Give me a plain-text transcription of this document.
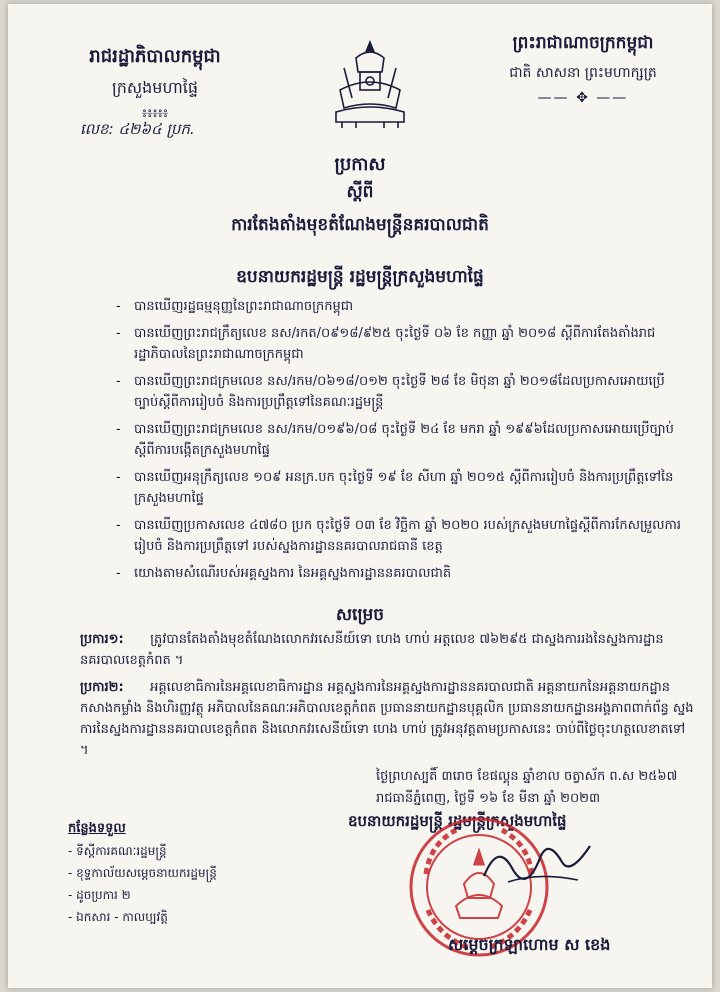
រាជរដ្ឋាភិបាលកម្ពុជា
ក្រសួងមហាផ្ទៃ
៖៖៖៖៖
លេខ: ៤២៦៤ ប្រក.
ព្រះរាជាណាចក្រកម្ពុជា
ជាតិ សាសនា ព្រះមហាក្សត្រ
—— ✥ ——
ប្រកាស
ស្តីពី
ការតែងតាំងមុខតំណែងមន្ត្រីនគរបាលជាតិ
ឧបនាយករដ្ឋមន្ត្រី រដ្ឋមន្ត្រីក្រសួងមហាផ្ទៃ
- បានឃើញរដ្ឋធម្មនុញ្ញនៃព្រះរាជាណាចក្រកម្ពុជា
- បានឃើញព្រះរាជក្រឹត្យលេខ នស/រកត/០៩១៨/៩២៥ ចុះថ្ងៃទី ០៦ ខែ កញ្ញា ឆ្នាំ ២០១៨ ស្តីពីការតែងតាំងរាជរដ្ឋាភិបាលនៃព្រះរាជាណាចក្រកម្ពុជា
- បានឃើញព្រះរាជក្រមលេខ នស/រកម/០៦១៨/០១២ ចុះថ្ងៃទី ២៨ ខែ មិថុនា ឆ្នាំ ២០១៨ដែលប្រកាសអោយប្រើច្បាប់ស្តីពីការរៀបចំ និងការប្រព្រឹត្តទៅនៃគណៈរដ្ឋមន្ត្រី
- បានឃើញព្រះរាជក្រមលេខ នស/រកម/០១៩៦/០៨ ចុះថ្ងៃទី ២៤ ខែ មករា ឆ្នាំ ១៩៩៦ដែលប្រកាសអោយប្រើច្បាប់ស្តីពីការបង្កើតក្រសួងមហាផ្ទៃ
- បានឃើញអនុក្រឹត្យលេខ ១០៩ អនក្រ.បក ចុះថ្ងៃទី ១៩ ខែ សីហា ឆ្នាំ ២០១៥ ស្តីពីការរៀបចំ និងការប្រព្រឹត្តទៅនៃក្រសួងមហាផ្ទៃ
- បានឃើញប្រកាសលេខ ៤៧៨០ ប្រក ចុះថ្ងៃទី ០៣ ខែ វិច្ឆិកា ឆ្នាំ ២០២០ របស់ក្រសួងមហាផ្ទៃស្តីពីការកែសម្រួលការរៀបចំ និងការប្រព្រឹត្តទៅ របស់ស្នងការដ្ឋាននគរបាលរាជធានី ខេត្ត
- យោងតាមសំណើរបស់អគ្គស្នងការ នៃអគ្គស្នងការដ្ឋាននគរបាលជាតិ
សម្រេច
ប្រការ១: ត្រូវបានតែងតាំងមុខតំណែងលោកវរសេនីយ៍ទោ ហេង ហាប់ អត្តលេខ ៧៦២៩៥ ជាស្នងការរងនៃស្នងការដ្ឋាននគរបាលខេត្តកំពត ។
ប្រការ២: អគ្គលេខាធិការនៃអគ្គលេខាធិការដ្ឋាន អគ្គស្នងការនៃអគ្គស្នងការដ្ឋាននគរបាលជាតិ អគ្គនាយកនៃអគ្គនាយកដ្ឋានកសាងកម្លាំង និងហិរញ្ញវត្ថុ អភិបាលនៃគណៈអភិបាលខេត្តកំពត ប្រធាននាយកដ្ឋានបុគ្គលិក ប្រធាននាយកដ្ឋានអង្គភាពពាក់ព័ន្ធ ស្នងការនៃស្នងការដ្ឋាននគរបាលខេត្តកំពត និងលោកវរសេនីយ៍ទោ ហេង ហាប់ ត្រូវអនុវត្តតាមប្រកាសនេះ ចាប់ពីថ្ងៃចុះហត្ថលេខាតទៅ ។
ថ្ងៃព្រហស្បតិ៍ ៣រោច ខែផល្គុន ឆ្នាំខាល ចត្វាស័ក ព.ស ២៥៦៧
រាជធានីភ្នំពេញ, ថ្ងៃទី ១៦ ខែ មីនា ឆ្នាំ ២០២៣
ឧបនាយករដ្ឋមន្ត្រី រដ្ឋមន្ត្រីក្រសួងមហាផ្ទៃ
កន្លែងទទួល
- ទីស្តីការគណៈរដ្ឋមន្ត្រី
- ខុទ្ទកាល័យសម្តេចនាយករដ្ឋមន្ត្រី
- ដូចប្រការ ២
- ឯកសារ - កាលប្បវត្តិ
សម្តេចក្រឡាហោម ស ខេង
